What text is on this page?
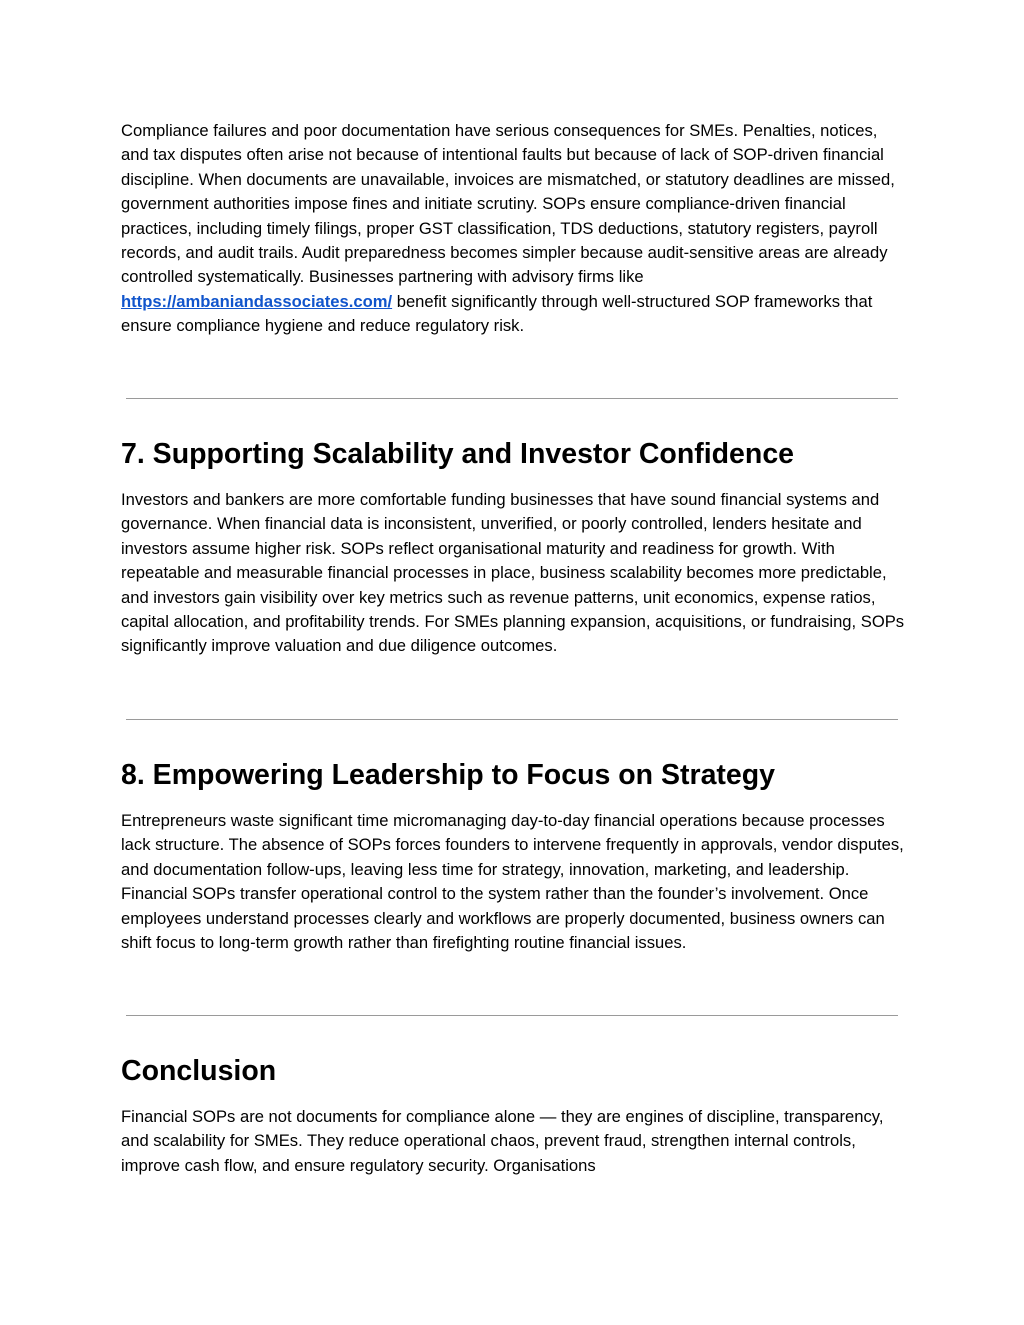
Compliance failures and poor documentation have serious consequences for SMEs. Penalties, notices, and tax disputes often arise not because of intentional faults but because of lack of SOP-driven financial discipline. When documents are unavailable, invoices are mismatched, or statutory deadlines are missed, government authorities impose fines and initiate scrutiny. SOPs ensure compliance-driven financial practices, including timely filings, proper GST classification, TDS deductions, statutory registers, payroll records, and audit trails. Audit preparedness becomes simpler because audit-sensitive areas are already controlled systematically. Businesses partnering with advisory firms like https://ambaniandassociates.com/ benefit significantly through well-structured SOP frameworks that ensure compliance hygiene and reduce regulatory risk.

7. Supporting Scalability and Investor Confidence

Investors and bankers are more comfortable funding businesses that have sound financial systems and governance. When financial data is inconsistent, unverified, or poorly controlled, lenders hesitate and investors assume higher risk. SOPs reflect organisational maturity and readiness for growth. With repeatable and measurable financial processes in place, business scalability becomes more predictable, and investors gain visibility over key metrics such as revenue patterns, unit economics, expense ratios, capital allocation, and profitability trends. For SMEs planning expansion, acquisitions, or fundraising, SOPs significantly improve valuation and due diligence outcomes.

8. Empowering Leadership to Focus on Strategy

Entrepreneurs waste significant time micromanaging day-to-day financial operations because processes lack structure. The absence of SOPs forces founders to intervene frequently in approvals, vendor disputes, and documentation follow-ups, leaving less time for strategy, innovation, marketing, and leadership. Financial SOPs transfer operational control to the system rather than the founder’s involvement. Once employees understand processes clearly and workflows are properly documented, business owners can shift focus to long-term growth rather than firefighting routine financial issues.

Conclusion

Financial SOPs are not documents for compliance alone — they are engines of discipline, transparency, and scalability for SMEs. They reduce operational chaos, prevent fraud, strengthen internal controls, improve cash flow, and ensure regulatory security. Organisations
